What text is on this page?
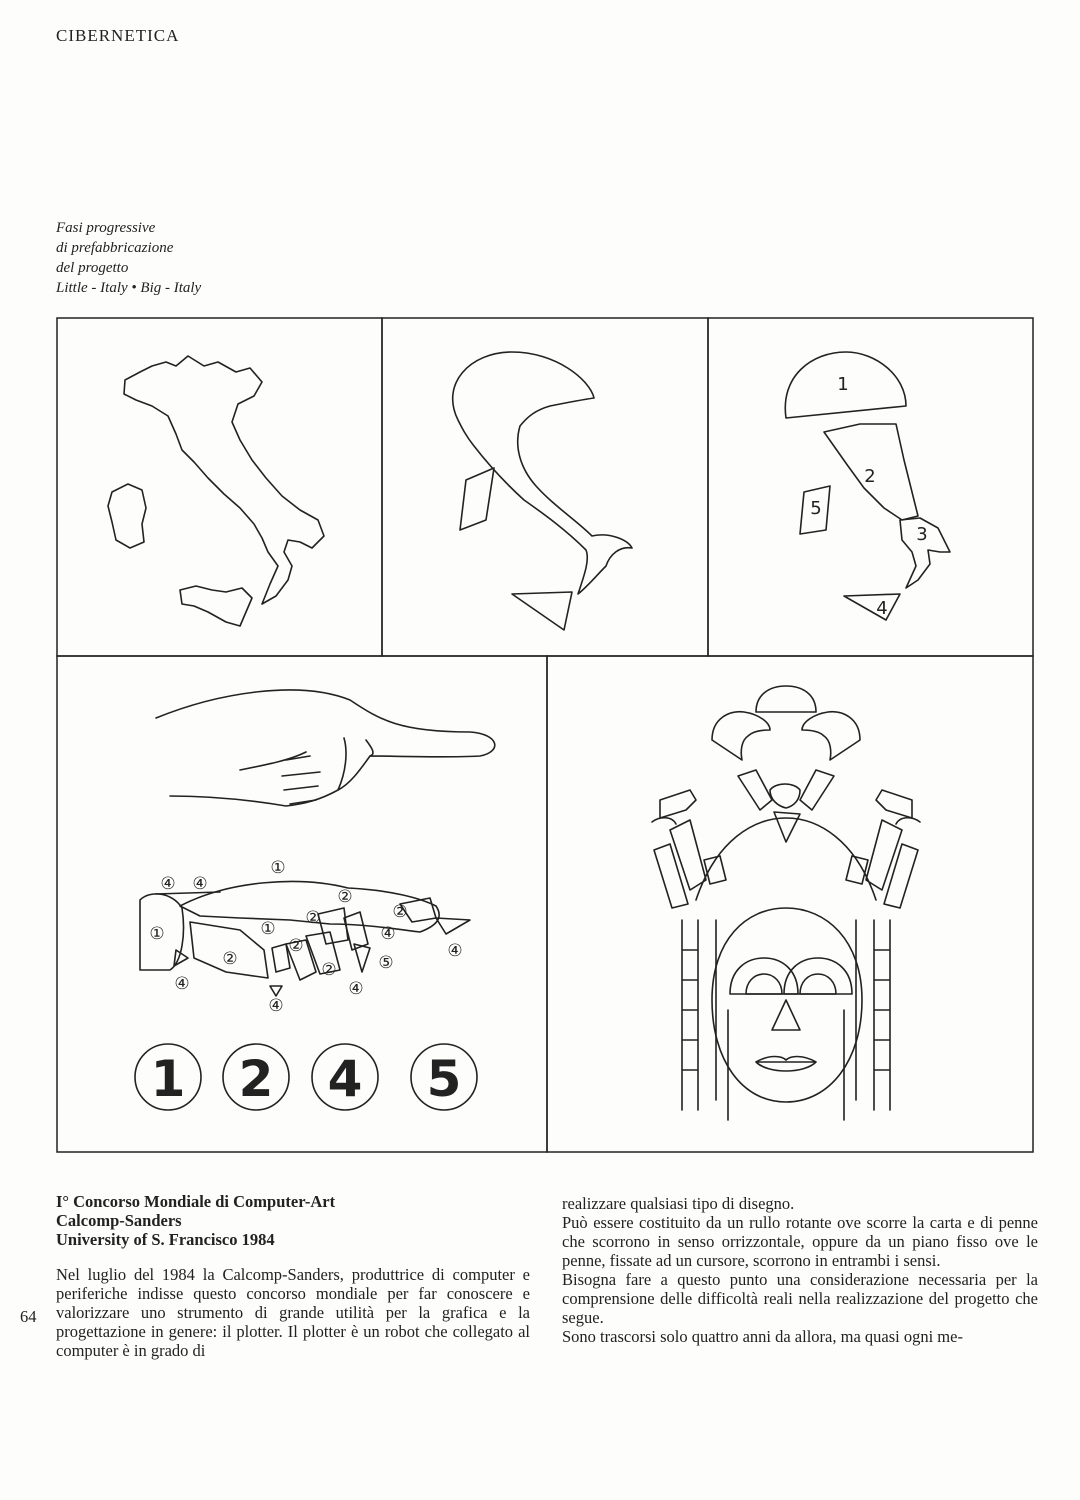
CIBERNETICA
Fasi progressive
di prefabbricazione
del progetto
Little - Italy • Big - Italy
1
2
3
4
5
①
①	①
④ ④
②
②
②
②
②
②
④
④
⑤
④
④
④
1 2 4 5
I° Concorso Mondiale di Computer-Art
Calcomp-Sanders
University of S. Francisco 1984
Nel luglio del 1984 la Calcomp-Sanders, produttrice di computer e periferiche indisse questo concorso mondiale per far conoscere e valorizzare uno strumento di grande utilità per la grafica e la progettazione in genere: il plotter. Il plotter è un robot che collegato al computer è in grado di
realizzare qualsiasi tipo di disegno.
Può essere costituito da un rullo rotante ove scorre la carta e di penne che scorrono in senso orrizzontale, oppure da un piano fisso ove le penne, fissate ad un cursore, scorrono in entrambi i sensi.
Bisogna fare a questo punto una considerazione necessaria per la comprensione delle difficoltà reali nella realizzazione del progetto che segue.
Sono trascorsi solo quattro anni da allora, ma quasi ogni me-
64
